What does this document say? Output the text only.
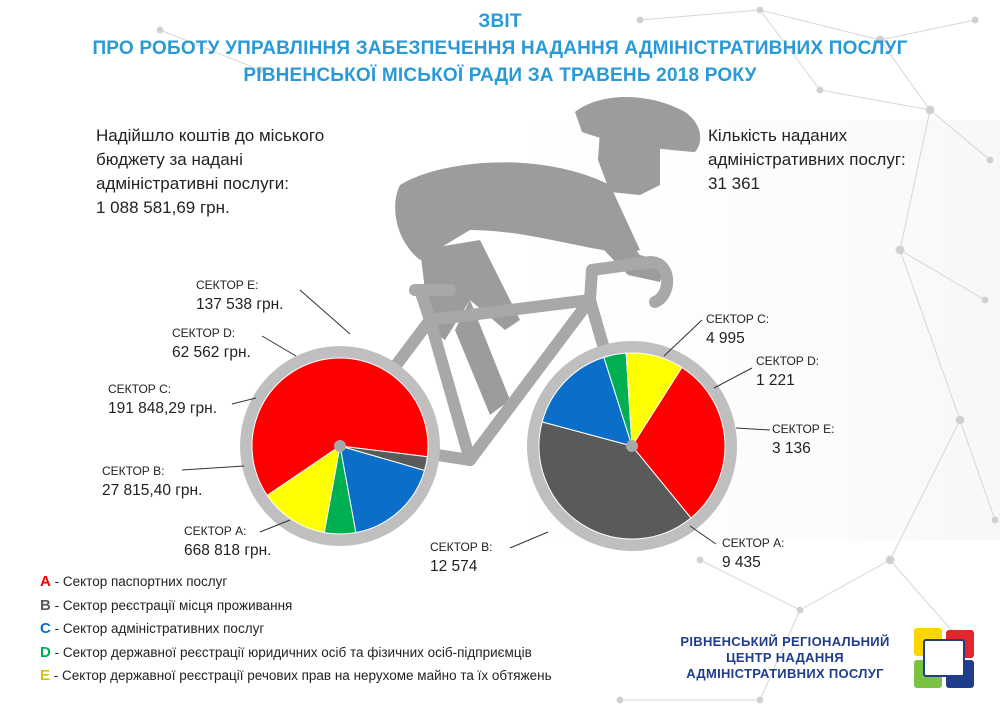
ЗВІТ
ПРО РОБОТУ УПРАВЛІННЯ ЗАБЕЗПЕЧЕННЯ НАДАННЯ АДМІНІСТРАТИВНИХ ПОСЛУГ
РІВНЕНСЬКОЇ МІСЬКОЇ РАДИ ЗА ТРАВЕНЬ 2018 РОКУ
Надійшло коштів до міського
бюджету за надані
адміністративні послуги:
1 088 581,69 грн.
Кількість наданих
адміністративних послуг:
31 361
СЕКТОР Е:
137 538 грн.
СЕКТОР D:
62 562 грн.
СЕКТОР С:
191 848,29 грн.
СЕКТОР В:
27 815,40 грн.
СЕКТОР А:
668 818 грн.
СЕКТОР С:
4 995
СЕКТОР D:
1 221
СЕКТОР Е:
3 136
СЕКТОР А:
9 435
СЕКТОР В:
12 574
A - Сектор паспортних послуг
B - Сектор реєстрації місця проживання
C - Сектор адміністративних послуг
D - Сектор державної реєстрації юридичних осіб та фізичних осіб-підприємців
E - Сектор державної реєстрації речових прав на нерухоме майно та їх обтяжень
РІВНЕНСЬКИЙ РЕГІОНАЛЬНИЙ
ЦЕНТР НАДАННЯ
АДМІНІСТРАТИВНИХ ПОСЛУГ
